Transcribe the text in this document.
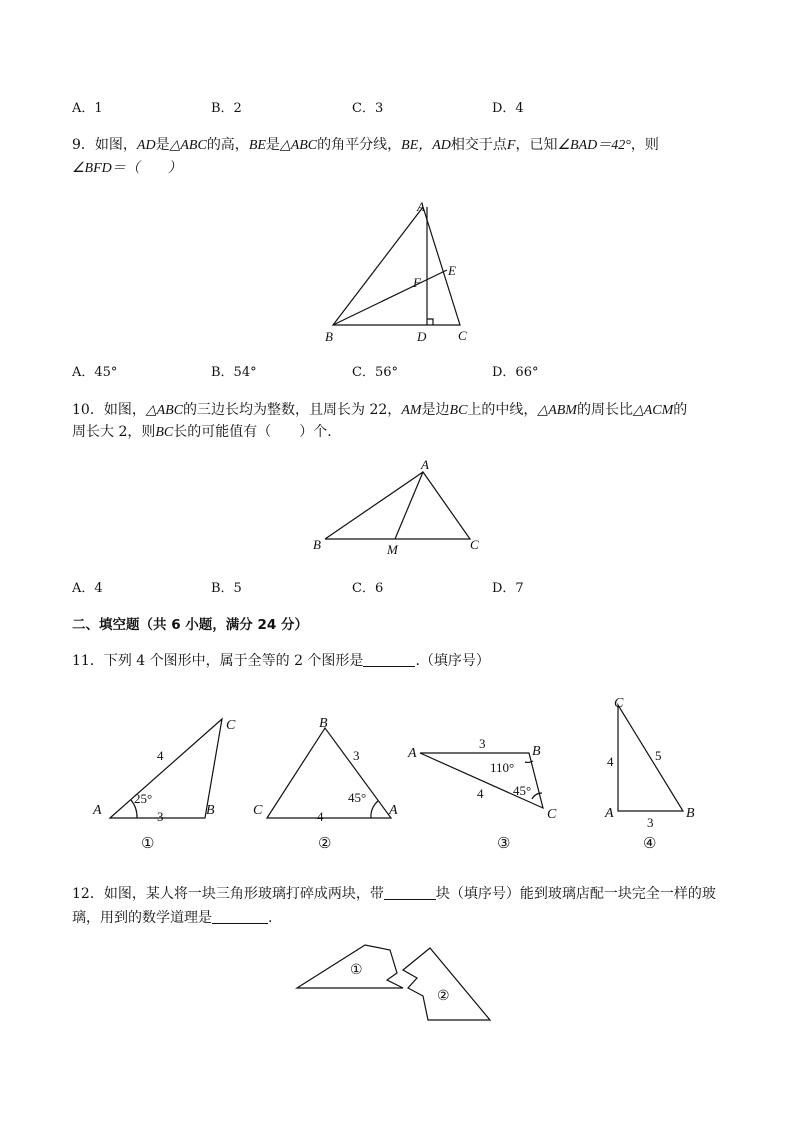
A．1	B．2	C．3	D．4
9．如图，AD是△ABC的高，BE是△ABC的角平分线，BE，AD相交于点F，已知∠BAD＝42°，则
∠BFD＝（　　）
A
B	C
D
E
F
A．45°	B．54°	C．56°	D．66°
10．如图，△ABC的三边长均为整数，且周长为 22，AM是边BC上的中线，△ABM的周长比△ACM的
周长大 2，则BC长的可能值有（　　）个.
A
B	M	C
A．4	B．5	C．6	D．7
二、填空题（共 6 小题，满分 24 分）
11．下列 4 个图形中，属于全等的 2 个图形是	.（填序号）
A	B
C
4
3
25°
①
B
C	A
3
4
45°
②
A	B
C
3
4
110°
45°
③
C
A	B
4	5
3
④
12．如图，某人将一块三角形玻璃打碎成两块，带	块（填序号）能到玻璃店配一块完全一样的玻
璃，用到的数学道理是	.
①
②
